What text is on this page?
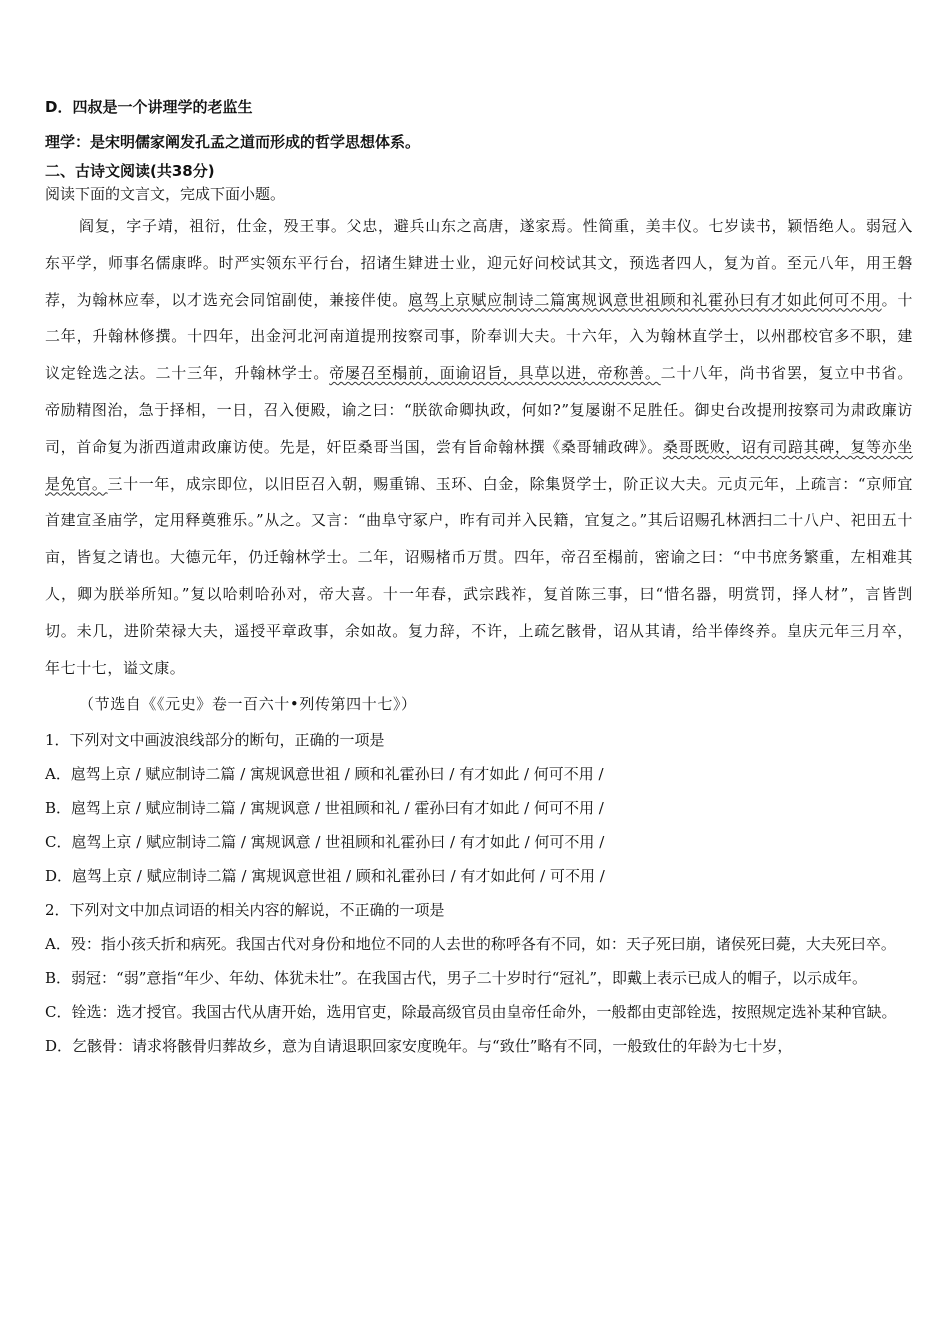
D．四叔是一个讲理学的老监生
理学：是宋明儒家阐发孔孟之道而形成的哲学思想体系。
二、古诗文阅读(共38分)
阅读下面的文言文，完成下面小题。

阎复，字子靖，祖衍，仕金，殁王事。父忠，避兵山东之高唐，遂家焉。性简重，美丰仪。七岁读书，颖悟绝人。弱冠入东平学，师事名儒康晔。时严实领东平行台，招诸生肄进士业，迎元好问校试其文，预选者四人，复为首。至元八年，用王磐荐，为翰林应奉，以才选充会同馆副使，兼接伴使。扈驾上京赋应制诗二篇寓规讽意世祖顾和礼霍孙曰有才如此何可不用。十二年，升翰林修撰。十四年，出金河北河南道提刑按察司事，阶奉训大夫。十六年，入为翰林直学士，以州郡校官多不职，建议定铨选之法。二十三年，升翰林学士。帝屡召至榻前，面谕诏旨，具草以进，帝称善。二十八年，尚书省罢，复立中书省。帝励精图治，急于择相，一日，召入便殿，谕之曰：“朕欲命卿执政，何如?”复屡谢不足胜任。御史台改提刑按察司为肃政廉访司，首命复为浙西道肃政廉访使。先是，奸臣桑哥当国，尝有旨命翰林撰《桑哥辅政碑》。桑哥既败，诏有司踣其碑，复等亦坐是免官。三十一年，成宗即位，以旧臣召入朝，赐重锦、玉环、白金，除集贤学士，阶正议大夫。元贞元年，上疏言：“京师宜首建宣圣庙学，定用释奠雅乐。”从之。又言：“曲阜守冢户，昨有司并入民籍，宜复之。”其后诏赐孔林洒扫二十八户、祀田五十亩，皆复之请也。大德元年，仍迁翰林学士。二年，诏赐楮币万贯。四年，帝召至榻前，密谕之曰：“中书庶务繁重，左相难其人，卿为朕举所知。”复以哈剌哈孙对，帝大喜。十一年春，武宗践祚，复首陈三事，曰“惜名器，明赏罚，择人材”，言皆剀切。未几，进阶荣禄大夫，遥授平章政事，余如故。复力辞，不许，上疏乞骸骨，诏从其请，给半俸终养。皇庆元年三月卒，年七十七，谥文康。

（节选自《《元史》卷一百六十•列传第四十七》）

1．下列对文中画波浪线部分的断句，正确的一项是

A．扈驾上京 / 赋应制诗二篇 / 寓规讽意世祖 / 顾和礼霍孙曰 / 有才如此 / 何可不用 /

B．扈驾上京 / 赋应制诗二篇 / 寓规讽意 / 世祖顾和礼 / 霍孙曰有才如此 / 何可不用 /

C．扈驾上京 / 赋应制诗二篇 / 寓规讽意 / 世祖顾和礼霍孙曰 / 有才如此 / 何可不用 /

D．扈驾上京 / 赋应制诗二篇 / 寓规讽意世祖 / 顾和礼霍孙曰 / 有才如此何 / 可不用 /

2．下列对文中加点词语的相关内容的解说，不正确的一项是

A．殁：指小孩夭折和病死。我国古代对身份和地位不同的人去世的称呼各有不同，如：天子死曰崩，诸侯死曰薨，大夫死曰卒。

B．弱冠：“弱”意指“年少、年幼、体犹未壮”。在我国古代，男子二十岁时行“冠礼”，即戴上表示已成人的帽子，以示成年。

C．铨选：选才授官。我国古代从唐开始，选用官吏，除最高级官员由皇帝任命外，一般都由吏部铨选，按照规定选补某种官缺。

D．乞骸骨：请求将骸骨归葬故乡，意为自请退职回家安度晚年。与“致仕”略有不同，一般致仕的年龄为七十岁，
